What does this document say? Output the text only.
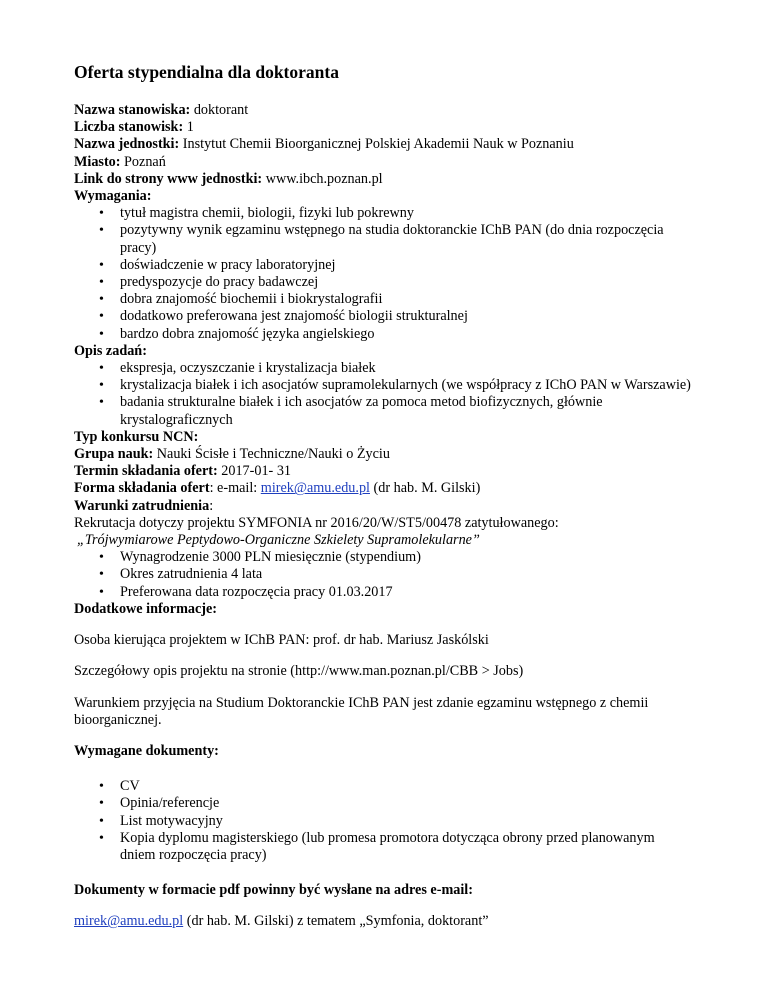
Oferta stypendialna dla doktoranta

Nazwa stanowiska: doktorant

Liczba stanowisk: 1

Nazwa jednostki: Instytut Chemii Bioorganicznej Polskiej Akademii Nauk w Poznaniu

Miasto: Poznań

Link do strony www jednostki: www.ibch.poznan.pl

Wymagania:

• tytuł magistra chemii, biologii, fizyki lub pokrewny
• pozytywny wynik egzaminu wstępnego na studia doktoranckie IChB PAN (do dnia rozpoczęcia pracy)
• doświadczenie w pracy laboratoryjnej
• predyspozycje do pracy badawczej
• dobra znajomość biochemii i biokrystalografii
• dodatkowo preferowana jest znajomość biologii strukturalnej
• bardzo dobra znajomość języka angielskiego

Opis zadań:

• ekspresja, oczyszczanie i krystalizacja białek
• krystalizacja białek i ich asocjatów supramolekularnych (we współpracy z IChO PAN w Warszawie)
• badania strukturalne białek i ich asocjatów za pomoca metod biofizycznych, głównie krystalograficznych

Typ konkursu NCN:

Grupa nauk: Nauki Ścisłe i Techniczne/Nauki o Życiu

Termin składania ofert: 2017-01- 31

Forma składania ofert: e-mail: mirek@amu.edu.pl (dr hab. M. Gilski)

Warunki zatrudnienia:

Rekrutacja dotyczy projektu SYMFONIA nr 2016/20/W/ST5/00478 zatytułowanego:

„Trójwymiarowe Peptydowo-Organiczne Szkielety Supramolekularne”

• Wynagrodzenie 3000 PLN miesięcznie (stypendium)
• Okres zatrudnienia 4 lata
• Preferowana data rozpoczęcia pracy 01.03.2017

Dodatkowe informacje:

Osoba kierująca projektem w IChB PAN: prof. dr hab. Mariusz Jaskólski

Szczegółowy opis projektu na stronie (http://www.man.poznan.pl/CBB > Jobs)

Warunkiem przyjęcia na Studium Doktoranckie IChB PAN jest zdanie egzaminu wstępnego z chemii bioorganicznej.

Wymagane dokumenty:

• CV
• Opinia/referencje
• List motywacyjny
• Kopia dyplomu magisterskiego (lub promesa promotora dotycząca obrony przed planowanym dniem rozpoczęcia pracy)

Dokumenty w formacie pdf powinny być wysłane na adres e-mail:

mirek@amu.edu.pl (dr hab. M. Gilski) z tematem „Symfonia, doktorant”
